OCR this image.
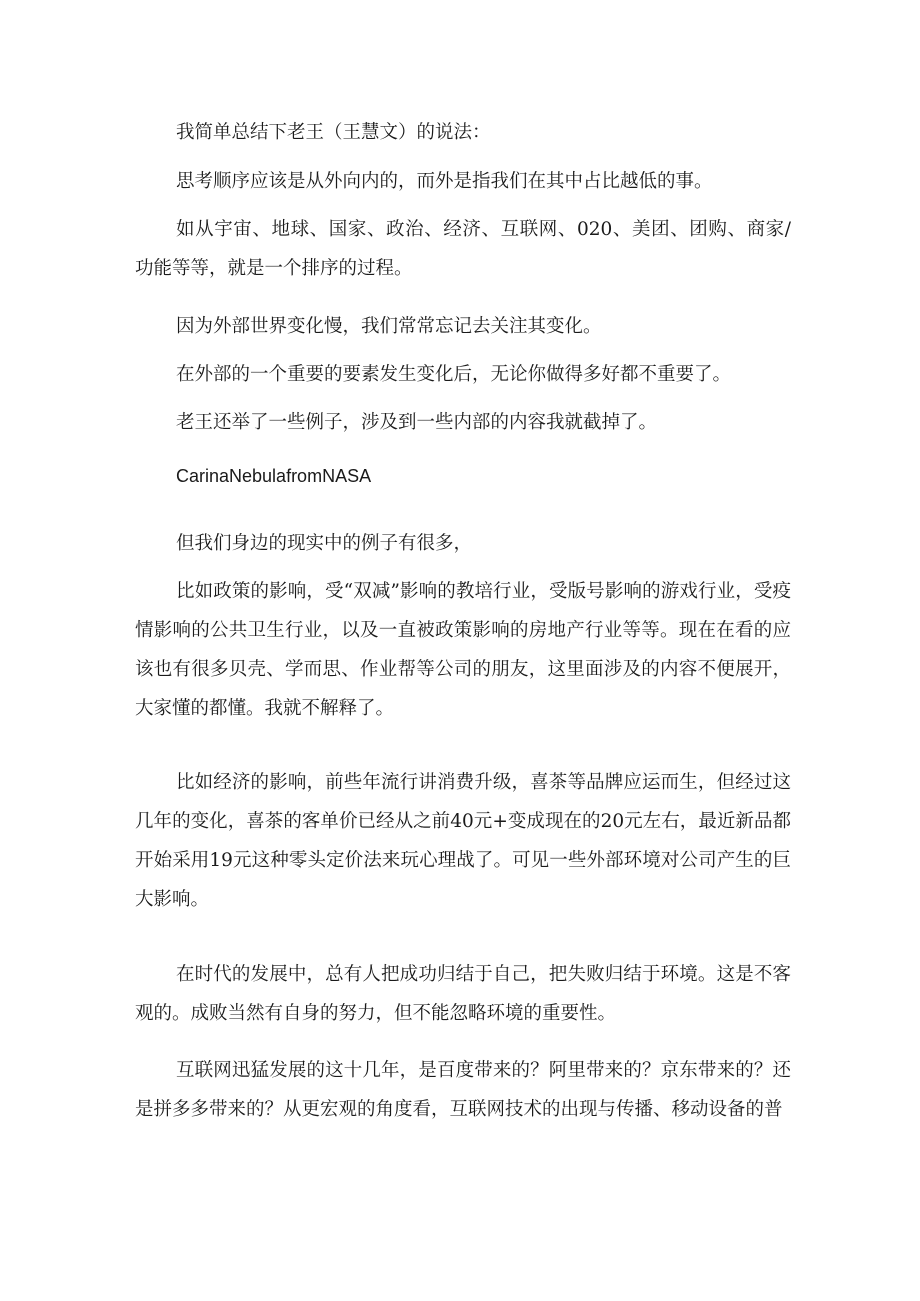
我简单总结下老王（王慧文）的说法：

思考顺序应该是从外向内的，而外是指我们在其中占比越低的事。

如从宇宙、地球、国家、政治、经济、互联网、020、美团、团购、商家/功能等等，就是一个排序的过程。

因为外部世界变化慢，我们常常忘记去关注其变化。

在外部的一个重要的要素发生变化后，无论你做得多好都不重要了。

老王还举了一些例子，涉及到一些内部的内容我就截掉了。

CarinaNebulafromNASA

但我们身边的现实中的例子有很多，

比如政策的影响，受“双减”影响的教培行业，受版号影响的游戏行业，受疫情影响的公共卫生行业，以及一直被政策影响的房地产行业等等。现在在看的应该也有很多贝壳、学而思、作业帮等公司的朋友，这里面涉及的内容不便展开，大家懂的都懂。我就不解释了。

比如经济的影响，前些年流行讲消费升级，喜茶等品牌应运而生，但经过这几年的变化，喜茶的客单价已经从之前40元+变成现在的20元左右，最近新品都开始采用19元这种零头定价法来玩心理战了。可见一些外部环境对公司产生的巨大影响。

在时代的发展中，总有人把成功归结于自己，把失败归结于环境。这是不客观的。成败当然有自身的努力，但不能忽略环境的重要性。

互联网迅猛发展的这十几年，是百度带来的？阿里带来的？京东带来的？还是拼多多带来的？从更宏观的角度看，互联网技术的出现与传播、移动设备的普
